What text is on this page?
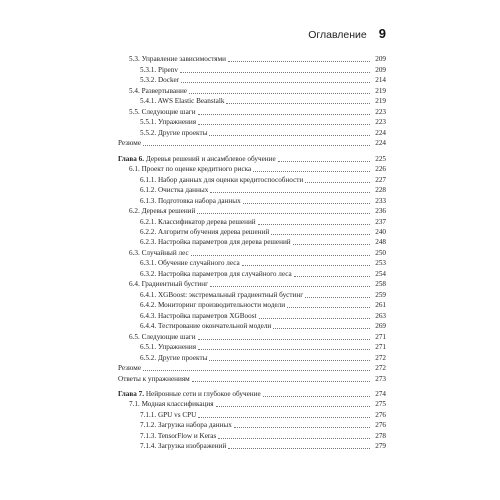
Оглавление 9
5.3. Управление зависимостями	209
5.3.1. Pipenv	209
5.3.2. Docker	214
5.4. Развертывание	219
5.4.1. AWS Elastic Beanstalk	219
5.5. Следующие шаги	223
5.5.1. Упражнения	223
5.5.2. Другие проекты	224
Резюме	224
Глава 6. Деревья решений и ансамблевое обучение	225
6.1. Проект по оценке кредитного риска	226
6.1.1. Набор данных для оценки кредитоспособности	227
6.1.2. Очистка данных	228
6.1.3. Подготовка набора данных	233
6.2. Деревья решений	236
6.2.1. Классификатор дерева решений	237
6.2.2. Алгоритм обучения дерева решений	240
6.2.3. Настройка параметров для дерева решений	248
6.3. Случайный лес	250
6.3.1. Обучение случайного леса	253
6.3.2. Настройка параметров для случайного леса	254
6.4. Градиентный бустинг	258
6.4.1. XGBoost: экстремальный градиентный бустинг	259
6.4.2. Мониторинг производительности модели	261
6.4.3. Настройка параметров XGBoost	263
6.4.4. Тестирование окончательной модели	269
6.5. Следующие шаги	271
6.5.1. Упражнения	271
6.5.2. Другие проекты	272
Резюме	272
Ответы к упражнениям	273
Глава 7. Нейронные сети и глубокое обучение	274
7.1. Модная классификация	275
7.1.1. GPU vs CPU	276
7.1.2. Загрузка набора данных	276
7.1.3. TensorFlow и Keras	278
7.1.4. Загрузка изображений	279
